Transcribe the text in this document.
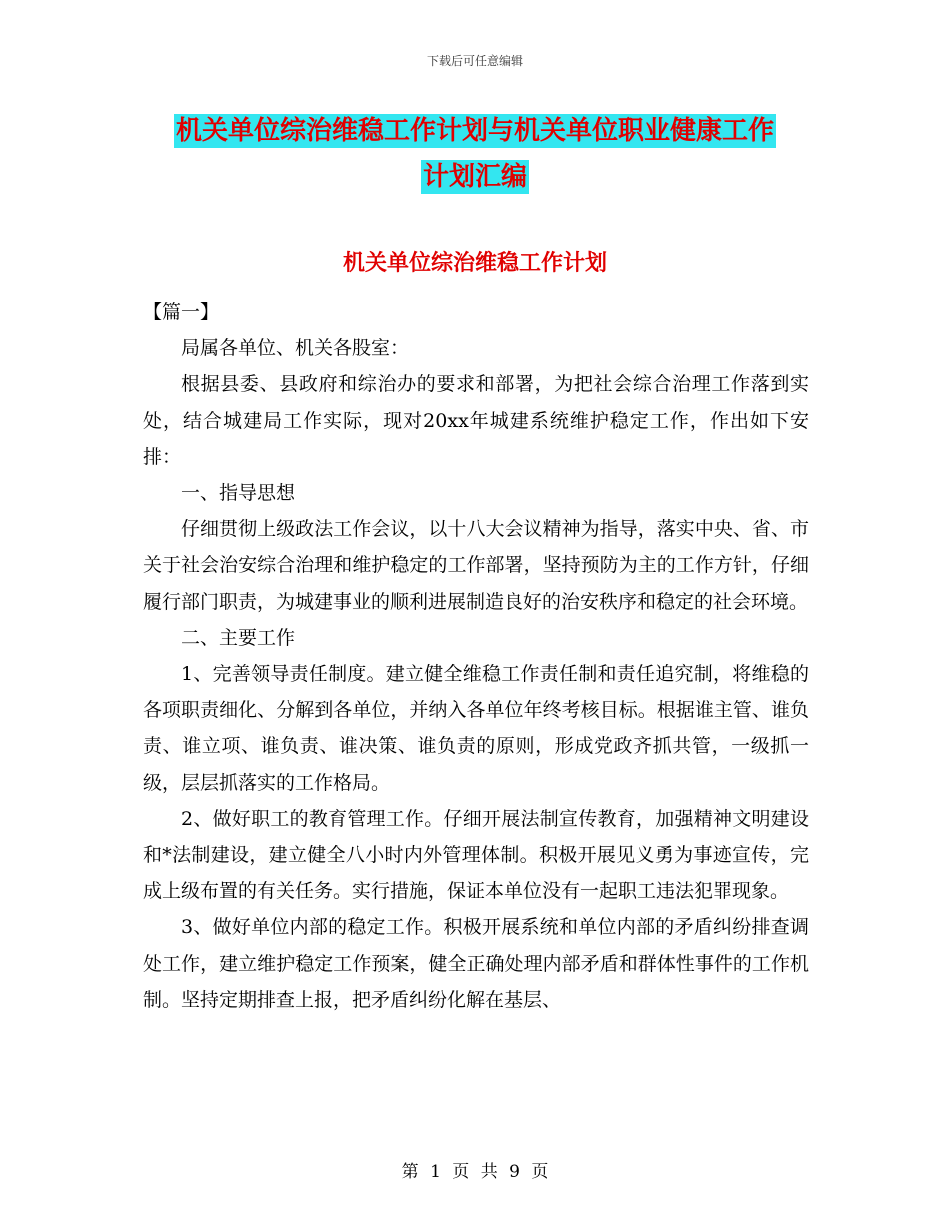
下载后可任意编辑
机关单位综治维稳工作计划与机关单位职业健康工作
计划汇编
机关单位综治维稳工作计划

【篇一】

局属各单位、机关各股室：

根据县委、县政府和综治办的要求和部署，为把社会综合治理工作落到实处，结合城建局工作实际，现对20xx年城建系统维护稳定工作，作出如下安排：

一、指导思想

仔细贯彻上级政法工作会议，以十八大会议精神为指导，落实中央、省、市关于社会治安综合治理和维护稳定的工作部署，坚持预防为主的工作方针，仔细履行部门职责，为城建事业的顺利进展制造良好的治安秩序和稳定的社会环境。

二、主要工作

1、完善领导责任制度。建立健全维稳工作责任制和责任追究制，将维稳的各项职责细化、分解到各单位，并纳入各单位年终考核目标。根据谁主管、谁负责、谁立项、谁负责、谁决策、谁负责的原则，形成党政齐抓共管，一级抓一级，层层抓落实的工作格局。

2、做好职工的教育管理工作。仔细开展法制宣传教育，加强精神文明建设和*法制建设，建立健全八小时内外管理体制。积极开展见义勇为事迹宣传，完成上级布置的有关任务。实行措施，保证本单位没有一起职工违法犯罪现象。

3、做好单位内部的稳定工作。积极开展系统和单位内部的矛盾纠纷排查调处工作，建立维护稳定工作预案，健全正确处理内部矛盾和群体性事件的工作机制。坚持定期排查上报，把矛盾纠纷化解在基层、

第 1 页 共 9 页
